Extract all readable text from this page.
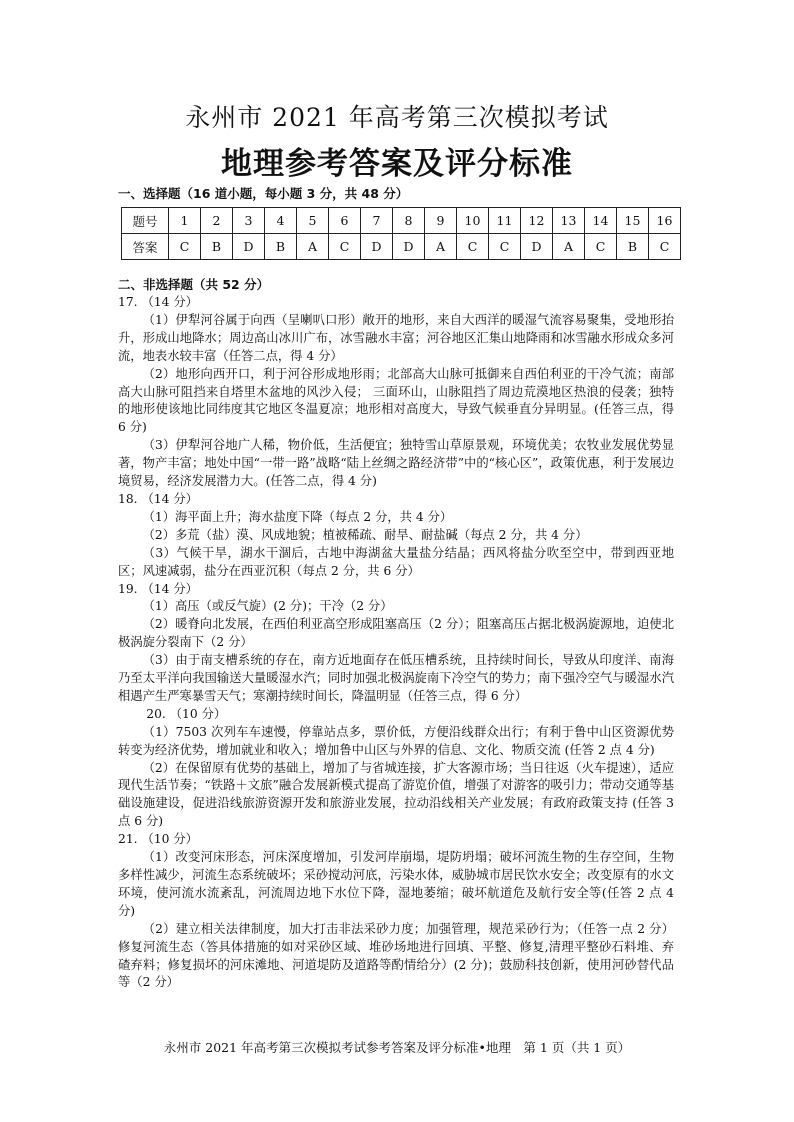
永州市 2021 年高考第三次模拟考试
地理参考答案及评分标准
一、选择题（16 道小题，每小题 3 分，共 48 分）
题号	1	2	3	4	5	6	7	8	9	10	11	12	13	14	15	16
答案	C	B	D	B	A	C	D	D	A	C	C	D	A	C	B	C
二、非选择题（共 52 分）

17. （14 分）

（1）伊犁河谷属于向西（呈喇叭口形）敞开的地形，来自大西洋的暖湿气流容易聚集，受地形抬升，形成山地降水；周边高山冰川广布，冰雪融水丰富；河谷地区汇集山地降雨和冰雪融水形成众多河流，地表水较丰富（任答二点，得 4 分）

（2）地形向西开口，利于河谷形成地形雨；北部高大山脉可抵御来自西伯利亚的干冷气流；南部高大山脉可阻挡来自塔里木盆地的风沙入侵； 三面环山，山脉阻挡了周边荒漠地区热浪的侵袭；独特的地形使该地比同纬度其它地区冬温夏凉；地形相对高度大，导致气候垂直分异明显。(任答三点，得 6 分)

（3）伊犁河谷地广人稀，物价低，生活便宜；独特雪山草原景观，环境优美；农牧业发展优势显著，物产丰富；地处中国“一带一路”战略“陆上丝绸之路经济带”中的“核心区”，政策优惠，利于发展边境贸易，经济发展潜力大。(任答二点，得 4 分)

18. （14 分）

（1）海平面上升；海水盐度下降（每点 2 分，共 4 分）

（2）多荒（盐）漠、风成地貌；植被稀疏、耐旱、耐盐碱（每点 2 分，共 4 分）

（3）气候干旱，湖水干涸后，古地中海湖盆大量盐分结晶；西风将盐分吹至空中，带到西亚地区；风速减弱，盐分在西亚沉积（每点 2 分，共 6 分）

19. （14 分）

（1）高压（或反气旋）(2 分)；干冷（2 分）

（2）暖脊向北发展，在西伯利亚高空形成阻塞高压（2 分）；阻塞高压占据北极涡旋源地，迫使北极涡旋分裂南下（2 分）

（3）由于南支槽系统的存在，南方近地面存在低压槽系统，且持续时间长，导致从印度洋、南海乃至太平洋向我国输送大量暖湿水汽；同时加强北极涡旋南下冷空气的势力；南下强冷空气与暖湿水汽相遇产生严寒暴雪天气；寒潮持续时间长，降温明显（任答三点，得 6 分）

20. （10 分）

（1）7503 次列车车速慢，停靠站点多，票价低，方便沿线群众出行；有利于鲁中山区资源优势转变为经济优势，增加就业和收入；增加鲁中山区与外界的信息、文化、物质交流 (任答 2 点 4 分)

（2）在保留原有优势的基础上，增加了与省城连接，扩大客源市场；当日往返（火车提速），适应现代生活节奏；“铁路＋文旅”融合发展新模式提高了游览价值，增强了对游客的吸引力；带动交通等基础设施建设，促进沿线旅游资源开发和旅游业发展，拉动沿线相关产业发展；有政府政策支持 (任答 3 点 6 分)

21. （10 分）

（1）改变河床形态，河床深度增加，引发河岸崩塌，堤防坍塌；破坏河流生物的生存空间，生物多样性减少，河流生态系统破坏；采砂搅动河底，污染水体，威胁城市居民饮水安全；改变原有的水文环境，使河流水流紊乱，河流周边地下水位下降，湿地萎缩；破坏航道危及航行安全等(任答 2 点 4 分)

（2）建立相关法律制度，加大打击非法采砂力度；加强管理，规范采砂行为；（任答一点 2 分）修复河流生态（答具体措施的如对采砂区域、堆砂场地进行回填、平整、修复,清理平整砂石料堆、弃碴弃料；修复损坏的河床滩地、河道堤防及道路等酌情给分）(2 分)；鼓励科技创新，使用河砂替代品等（2 分）

永州市 2021 年高考第三次模拟考试参考答案及评分标准•地理　第 1 页（共 1 页）
